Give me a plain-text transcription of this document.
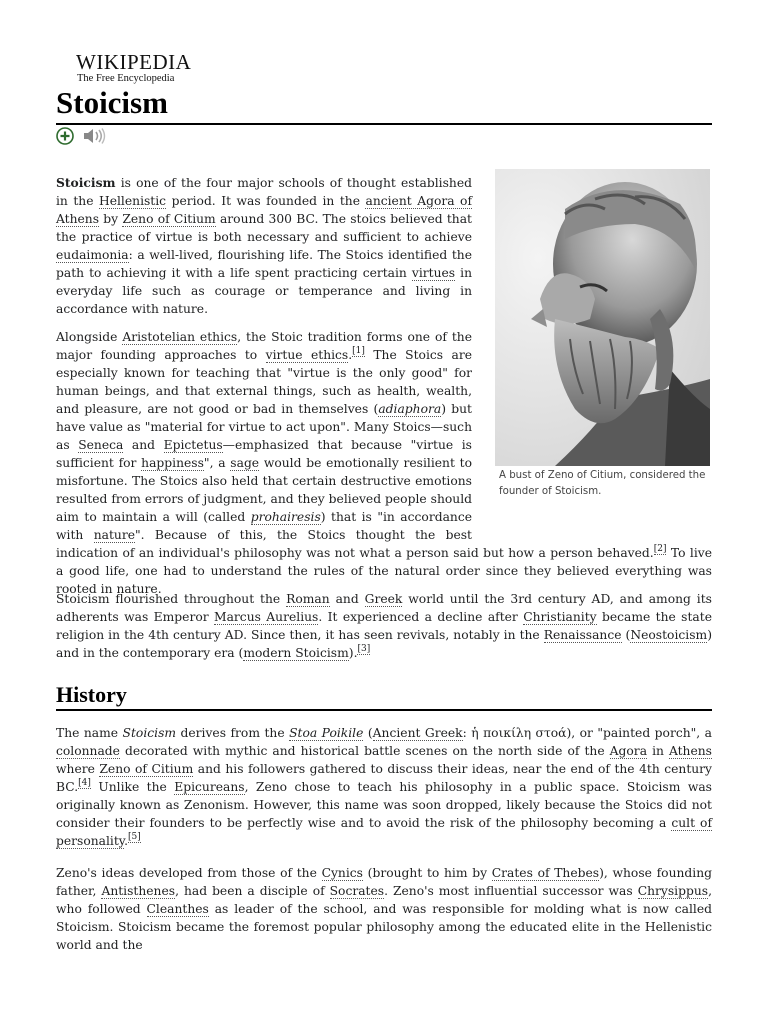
WIKIPEDIA
The Free Encyclopedia
Stoicism
A bust of Zeno of Citium, considered the founder of Stoicism.

Stoicism is one of the four major schools of thought established in the Hellenistic period. It was founded in the ancient Agora of Athens by Zeno of Citium around 300 BC. The stoics believed that the practice of virtue is both necessary and sufficient to achieve eudaimonia: a well-lived, flourishing life. The Stoics identified the path to achieving it with a life spent practicing certain virtues in everyday life such as courage or temperance and living in accordance with nature.

Alongside Aristotelian ethics, the Stoic tradition forms one of the major founding approaches to virtue ethics.[1] The Stoics are especially known for teaching that "virtue is the only good" for human beings, and that external things, such as health, wealth, and pleasure, are not good or bad in themselves (adiaphora) but have value as "material for virtue to act upon". Many Stoics—such as Seneca and Epictetus—emphasized that because "virtue is sufficient for happiness", a sage would be emotionally resilient to misfortune. The Stoics also held that certain destructive emotions resulted from errors of judgment, and they believed people should aim to maintain a will (called prohairesis) that is "in accordance with nature". Because of this, the Stoics thought the best indication of an individual's philosophy was not what a person said but how a person behaved.[2] To live a good life, one had to understand the rules of the natural order since they believed everything was rooted in nature.

Stoicism flourished throughout the Roman and Greek world until the 3rd century AD, and among its adherents was Emperor Marcus Aurelius. It experienced a decline after Christianity became the state religion in the 4th century AD. Since then, it has seen revivals, notably in the Renaissance (Neostoicism) and in the contemporary era (modern Stoicism).[3]

History

The name Stoicism derives from the Stoa Poikile (Ancient Greek: ἡ ποικίλη στοά), or "painted porch", a colonnade decorated with mythic and historical battle scenes on the north side of the Agora in Athens where Zeno of Citium and his followers gathered to discuss their ideas, near the end of the 4th century BC.[4] Unlike the Epicureans, Zeno chose to teach his philosophy in a public space. Stoicism was originally known as Zenonism. However, this name was soon dropped, likely because the Stoics did not consider their founders to be perfectly wise and to avoid the risk of the philosophy becoming a cult of personality.[5]

Zeno's ideas developed from those of the Cynics (brought to him by Crates of Thebes), whose founding father, Antisthenes, had been a disciple of Socrates. Zeno's most influential successor was Chrysippus, who followed Cleanthes as leader of the school, and was responsible for molding what is now called Stoicism. Stoicism became the foremost popular philosophy among the educated elite in the Hellenistic world and the
